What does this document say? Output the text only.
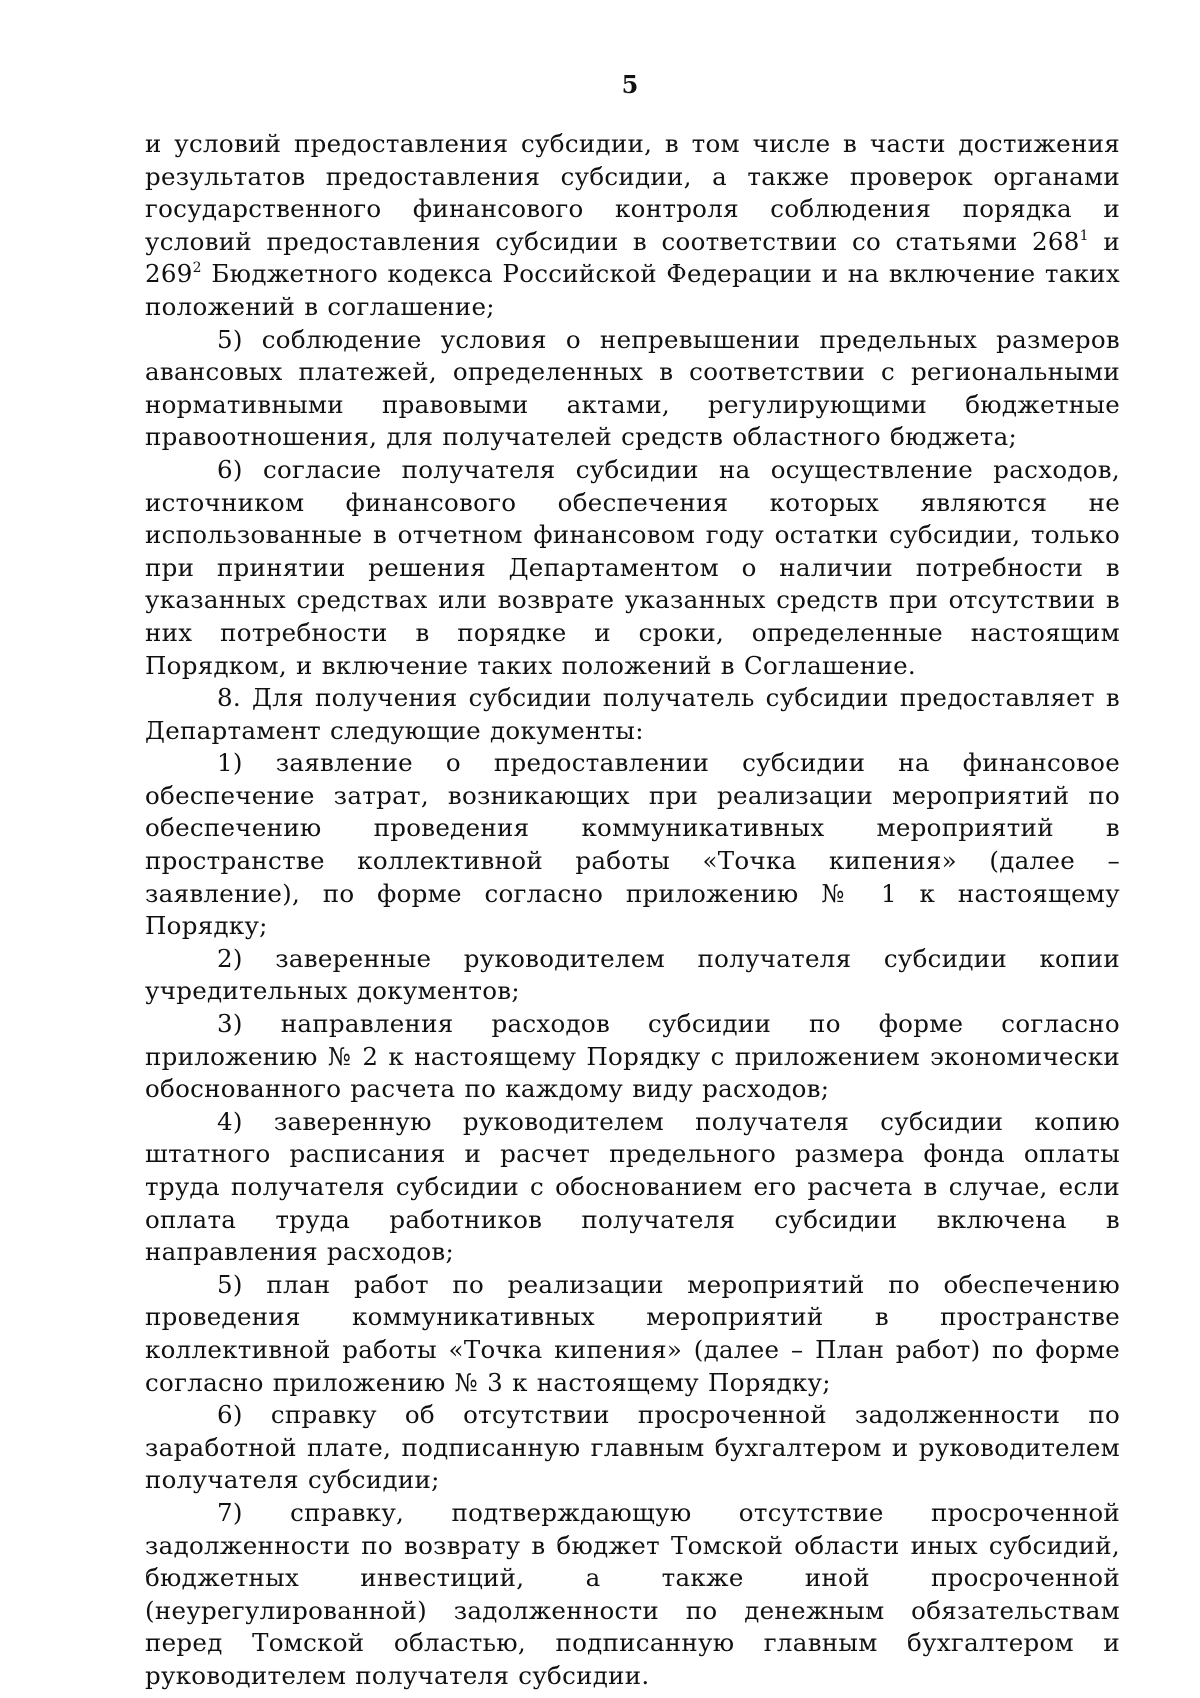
5

и условий предоставления субсидии, в том числе в части достижения результатов предоставления субсидии, а также проверок органами государственного финансового контроля соблюдения порядка и условий предоставления субсидии в соответствии со статьями $268^1$ и $269^2$ Бюджетного кодекса Российской Федерации и на включение таких положений в соглашение;

5) соблюдение условия о непревышении предельных размеров авансовых платежей, определенных в соответствии с региональными нормативными правовыми актами, регулирующими бюджетные правоотношения, для получателей средств областного бюджета;

6) согласие получателя субсидии на осуществление расходов, источником финансового обеспечения которых являются не использованные в отчетном финансовом году остатки субсидии, только при принятии решения Департаментом о наличии потребности в указанных средствах или возврате указанных средств при отсутствии в них потребности в порядке и сроки, определенные настоящим Порядком, и включение таких положений в Соглашение.

8. Для получения субсидии получатель субсидии предоставляет в Департамент следующие документы:

1) заявление о предоставлении субсидии на финансовое обеспечение затрат, возникающих при реализации мероприятий по обеспечению проведения коммуникативных мероприятий в пространстве коллективной работы «Точка кипения» (далее – заявление), по форме согласно приложению № 1 к настоящему Порядку;

2) заверенные руководителем получателя субсидии копии учредительных документов;

3) направления расходов субсидии по форме согласно приложению № 2 к настоящему Порядку с приложением экономически обоснованного расчета по каждому виду расходов;

4) заверенную руководителем получателя субсидии копию штатного расписания и расчет предельного размера фонда оплаты труда получателя субсидии с обоснованием его расчета в случае, если оплата труда работников получателя субсидии включена в направления расходов;

5) план работ по реализации мероприятий по обеспечению проведения коммуникативных мероприятий в пространстве коллективной работы «Точка кипения» (далее – План работ) по форме согласно приложению № 3 к настоящему Порядку;

6) справку об отсутствии просроченной задолженности по заработной плате, подписанную главным бухгалтером и руководителем получателя субсидии;

7) справку, подтверждающую отсутствие просроченной задолженности по возврату в бюджет Томской области иных субсидий, бюджетных инвестиций, а также иной просроченной (неурегулированной) задолженности по денежным обязательствам перед Томской областью, подписанную главным бухгалтером и руководителем получателя субсидии.
